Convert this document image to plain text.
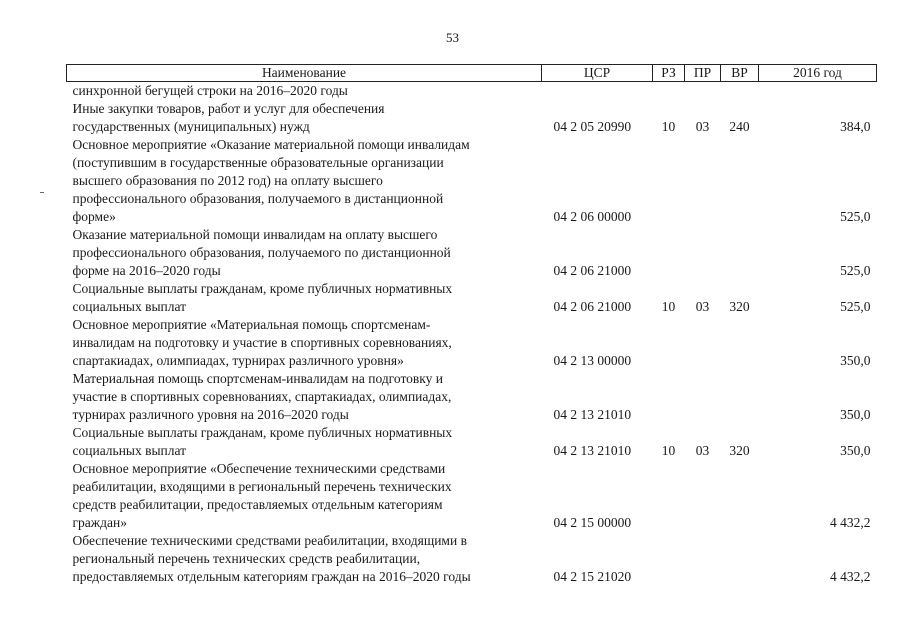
53
Наименование	ЦСР	РЗ	ПР	ВР	2016 год

синхронной бегущей строки на 2016–2020 годы					

Иные закупки товаров, работ и услуг для обеспечения
государственных (муниципальных) нужд	04 2 05 20990	10	03	240	384,0

Основное мероприятие «Оказание материальной помощи инвалидам
(поступившим в государственные образовательные организации
высшего образования по 2012 год) на оплату высшего
профессионального образования, получаемого в дистанционной
форме»	04 2 06 00000				525,0

Оказание материальной помощи инвалидам на оплату высшего
профессионального образования, получаемого по дистанционной
форме на 2016–2020 годы	04 2 06 21000				525,0

Социальные выплаты гражданам, кроме публичных нормативных
социальных выплат	04 2 06 21000	10	03	320	525,0

Основное мероприятие «Материальная помощь спортсменам-
инвалидам на подготовку и участие в спортивных соревнованиях,
спартакиадах, олимпиадах, турнирах различного уровня»	04 2 13 00000				350,0

Материальная помощь спортсменам-инвалидам на подготовку и
участие в спортивных соревнованиях, спартакиадах, олимпиадах,
турнирах различного уровня на 2016–2020 годы	04 2 13 21010				350,0

Социальные выплаты гражданам, кроме публичных нормативных
социальных выплат	04 2 13 21010	10	03	320	350,0

Основное мероприятие «Обеспечение техническими средствами
реабилитации, входящими в региональный перечень технических
средств реабилитации, предоставляемых отдельным категориям
граждан»	04 2 15 00000				4 432,2

Обеспечение техническими средствами реабилитации, входящими в
региональный перечень технических средств реабилитации,
предоставляемых отдельным категориям граждан на 2016–2020 годы	04 2 15 21020				4 432,2
